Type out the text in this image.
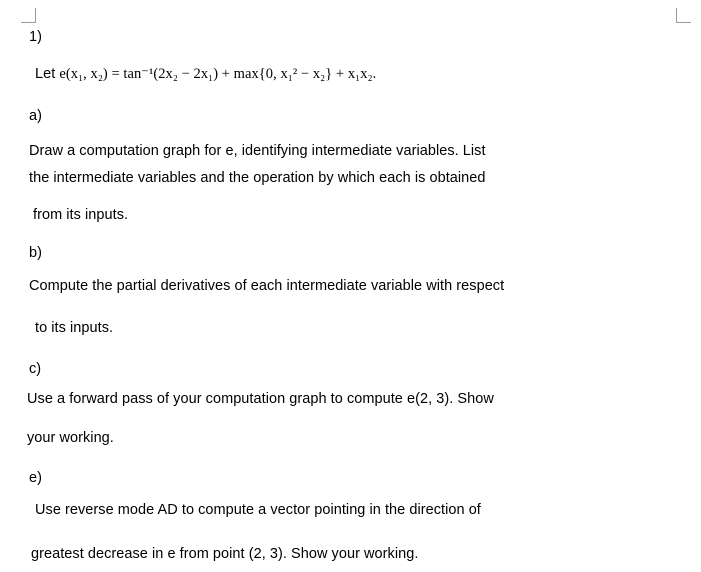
1)
Let e(x₁, x₂) = tan⁻¹(2x₂ − 2x₁) + max{0, x₁² − x₂} + x₁x₂.
a)
Draw a computation graph for e, identifying intermediate variables. List
the intermediate variables and the operation by which each is obtained
from its inputs.
b)
Compute the partial derivatives of each intermediate variable with respect
to its inputs.
c)
Use a forward pass of your computation graph to compute e(2, 3). Show
your working.
e)
Use reverse mode AD to compute a vector pointing in the direction of
greatest decrease in e from point (2, 3). Show your working.
